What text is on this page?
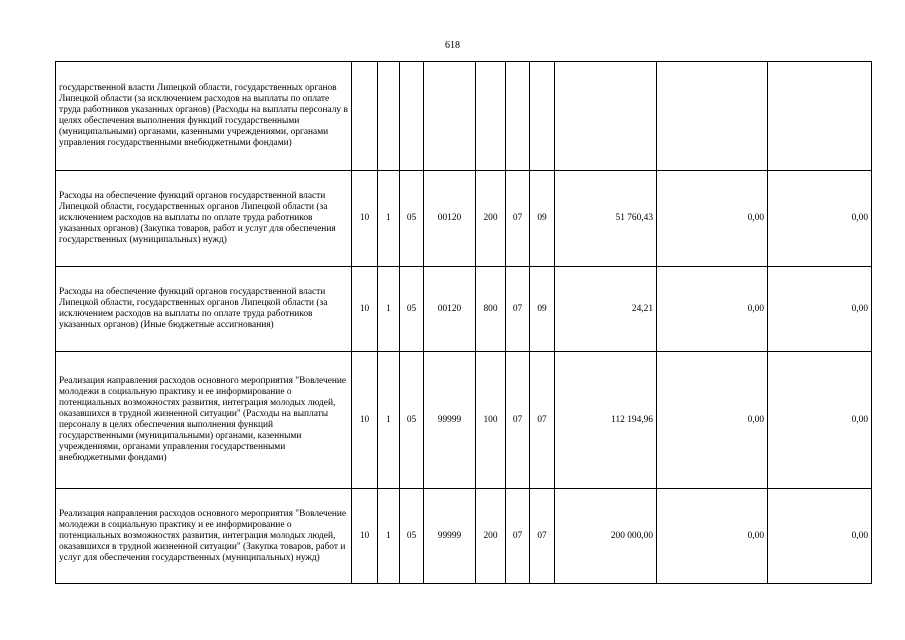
618
государственной власти Липецкой области, государственных органов Липецкой области (за исключением расходов на выплаты по оплате труда работников указанных органов) (Расходы на выплаты персоналу в целях обеспечения выполнения функций государственными (муниципальными) органами, казенными учреждениями, органами управления государственными внебюджетными фондами)										
Расходы на обеспечение функций органов государственной власти Липецкой области, государственных органов Липецкой области (за исключением расходов на выплаты по оплате труда работников указанных органов) (Закупка товаров, работ и услуг для обеспечения государственных (муниципальных) нужд)	10	1	05	00120	200	07	09	51 760,43	0,00	0,00
Расходы на обеспечение функций органов государственной власти Липецкой области, государственных органов Липецкой области (за исключением расходов на выплаты по оплате труда работников указанных органов) (Иные бюджетные ассигнования)	10	1	05	00120	800	07	09	24,21	0,00	0,00
Реализация направления расходов основного мероприятия "Вовлечение молодежи в социальную практику и ее информирование о потенциальных возможностях развития, интеграция молодых людей, оказавшихся в трудной жизненной ситуации" (Расходы на выплаты персоналу в целях обеспечения выполнения функций государственными (муниципальными) органами, казенными учреждениями, органами управления государственными внебюджетными фондами)	10	1	05	99999	100	07	07	112 194,96	0,00	0,00
Реализация направления расходов основного мероприятия "Вовлечение молодежи в социальную практику и ее информирование о потенциальных возможностях развития, интеграция молодых людей, оказавшихся в трудной жизненной ситуации" (Закупка товаров, работ и услуг для обеспечения государственных (муниципальных) нужд)	10	1	05	99999	200	07	07	200 000,00	0,00	0,00
